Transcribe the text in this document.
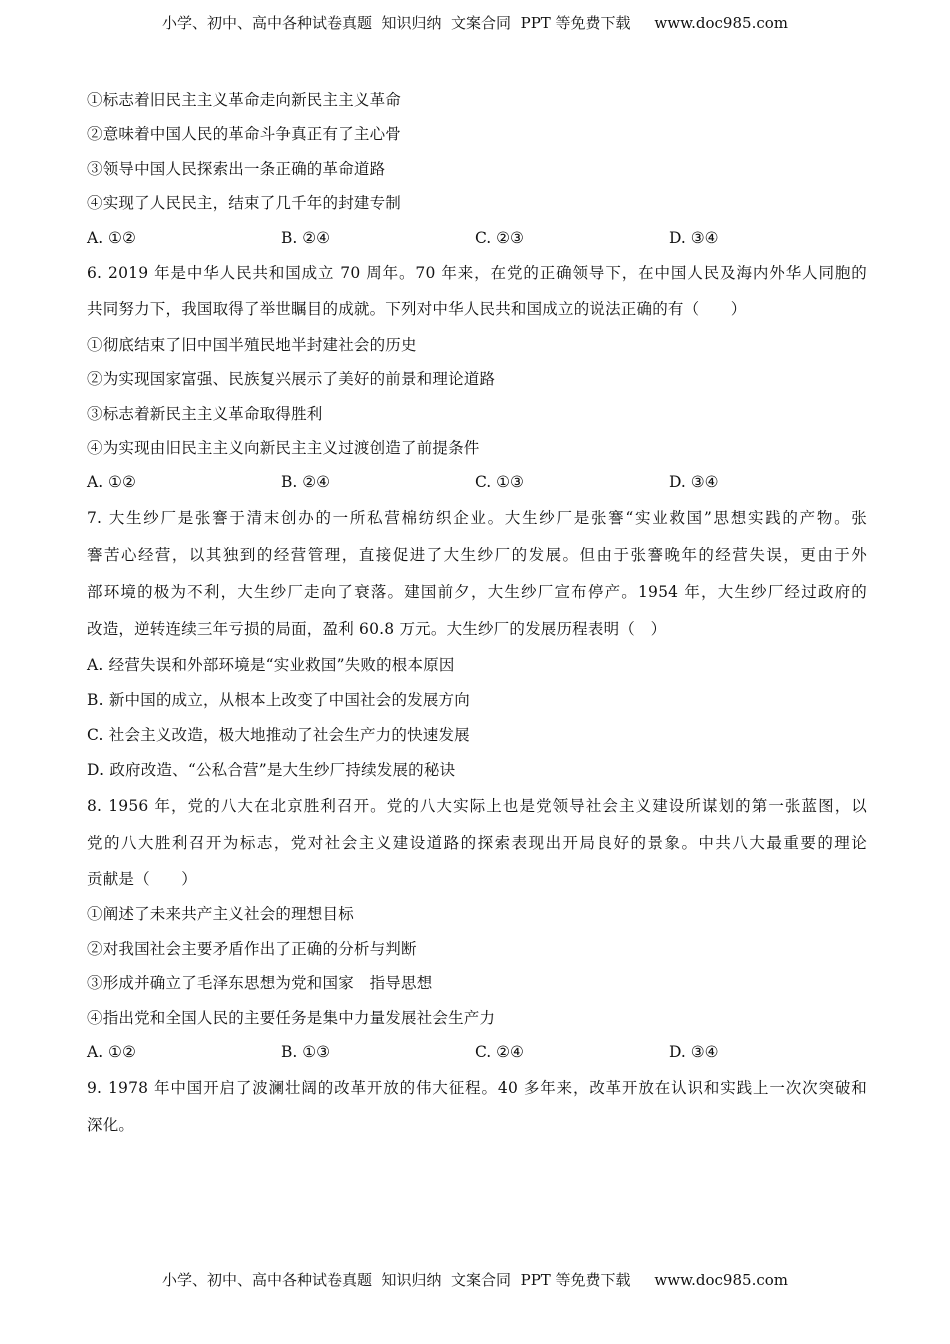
小学、初中、高中各种试卷真题  知识归纳  文案合同  PPT 等免费下载     www.doc985.com
①标志着旧民主主义革命走向新民主主义革命
②意味着中国人民的革命斗争真正有了主心骨
③领导中国人民探索出一条正确的革命道路
④实现了人民民主，结束了几千年的封建专制
A. ①②	B. ②④	C. ②③	D. ③④
6. 2019 年是中华人民共和国成立 70 周年。70 年来，在党的正确领导下，在中国人民及海内外华人同胞的
共同努力下，我国取得了举世瞩目的成就。下列对中华人民共和国成立的说法正确的有（　　）
①彻底结束了旧中国半殖民地半封建社会的历史
②为实现国家富强、民族复兴展示了美好的前景和理论道路
③标志着新民主主义革命取得胜利
④为实现由旧民主主义向新民主主义过渡创造了前提条件
A. ①②	B. ②④	C. ①③	D. ③④
7. 大生纱厂是张謇于清末创办的一所私营棉纺织企业。大生纱厂是张謇“实业救国”思想实践的产物。张
謇苦心经营，以其独到的经营管理，直接促进了大生纱厂的发展。但由于张謇晚年的经营失误，更由于外
部环境的极为不利，大生纱厂走向了衰落。建国前夕，大生纱厂宣布停产。1954 年，大生纱厂经过政府的
改造，逆转连续三年亏损的局面，盈利 60.8 万元。大生纱厂的发展历程表明（　）
A. 经营失误和外部环境是“实业救国”失败的根本原因
B. 新中国的成立，从根本上改变了中国社会的发展方向
C. 社会主义改造，极大地推动了社会生产力的快速发展
D. 政府改造、“公私合营”是大生纱厂持续发展的秘诀
8. 1956 年，党的八大在北京胜利召开。党的八大实际上也是党领导社会主义建设所谋划的第一张蓝图，以
党的八大胜利召开为标志，党对社会主义建设道路的探索表现出开局良好的景象。中共八大最重要的理论
贡献是（　　）
①阐述了未来共产主义社会的理想目标
②对我国社会主要矛盾作出了正确的分析与判断
③形成并确立了毛泽东思想为党和国家　指导思想
④指出党和全国人民的主要任务是集中力量发展社会生产力
A. ①②	B. ①③	C. ②④	D. ③④
9. 1978 年中国开启了波澜壮阔的改革开放的伟大征程。40 多年来，改革开放在认识和实践上一次次突破和
深化。
小学、初中、高中各种试卷真题  知识归纳  文案合同  PPT 等免费下载     www.doc985.com
